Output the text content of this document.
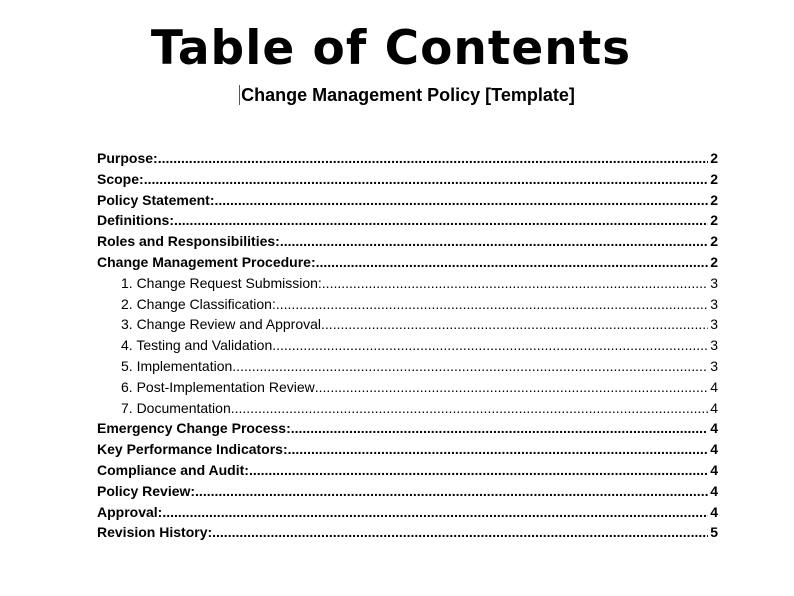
Table of Contents
Change Management Policy [Template]
Purpose: .....	2
Scope: .....	2
Policy Statement: .....	2
Definitions: .....	2
Roles and Responsibilities: .....	2
Change Management Procedure: .....	2
1. Change Request Submission: .....	3
2. Change Classification: .....	3
3. Change Review and Approval .....	3
4. Testing and Validation .....	3
5. Implementation .....	3
6. Post-Implementation Review .....	4
7. Documentation .....	4
Emergency Change Process: .....	4
Key Performance Indicators: .....	4
Compliance and Audit: .....	4
Policy Review: .....	4
Approval: .....	4
Revision History: .....	5
